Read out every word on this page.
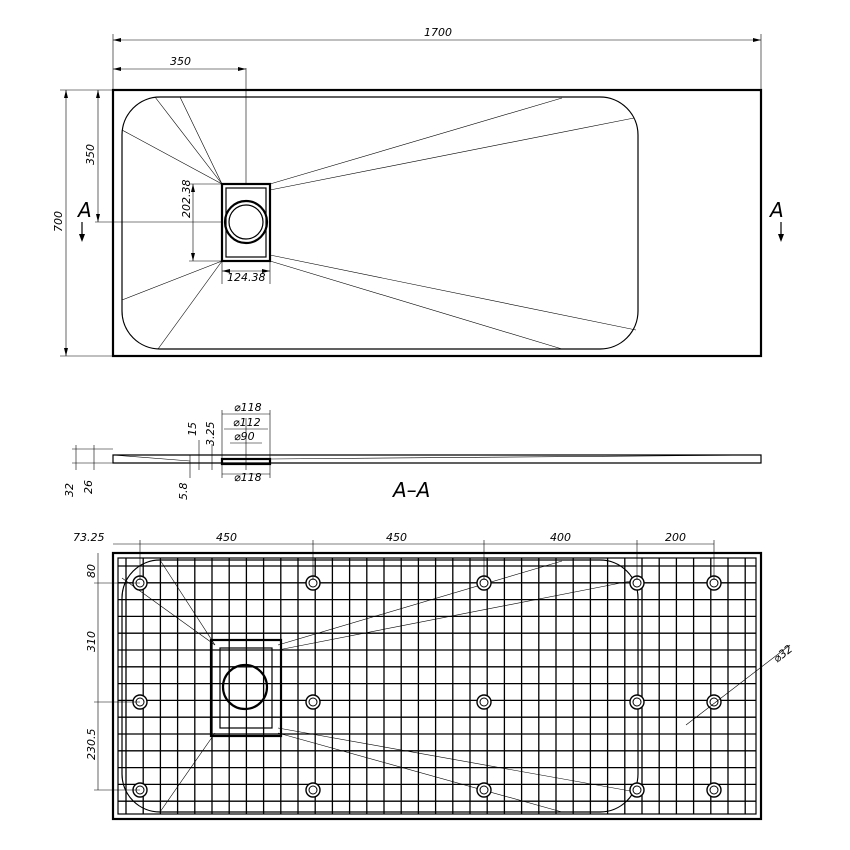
1700
350
700
350
202.38
124.38
A	A
⌀118
⌀112
⌀90
⌀118
15 3.25
5.8
32 26	A–A
73.25	450	450	400	200
80
310
230.5
⌀32
